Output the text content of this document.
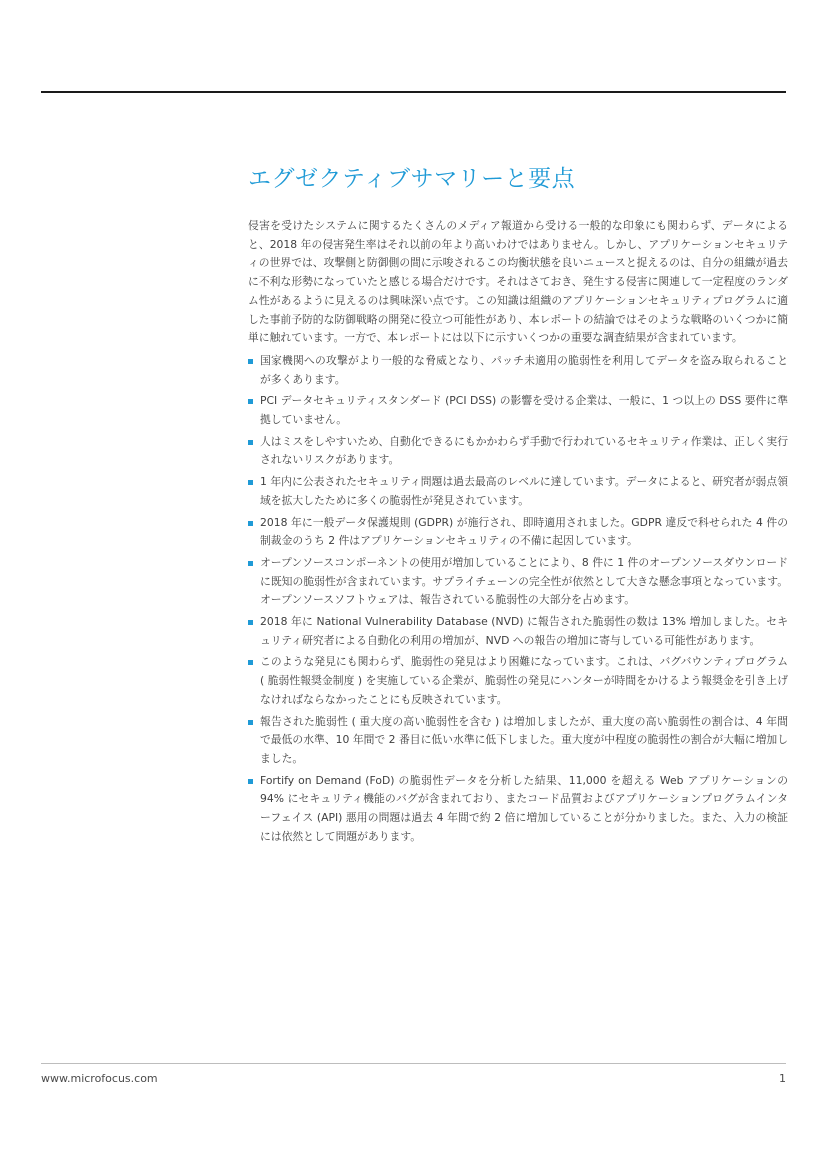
エグゼクティブサマリーと要点

侵害を受けたシステムに関するたくさんのメディア報道から受ける一般的な印象にも関わらず、データによると、2018 年の侵害発生率はそれ以前の年より高いわけではありません。しかし、アプリケーションセキュリティの世界では、攻撃側と防御側の間に示唆されるこの均衡状態を良いニュースと捉えるのは、自分の組織が過去に不利な形勢になっていたと感じる場合だけです。それはさておき、発生する侵害に関連して一定程度のランダム性があるように見えるのは興味深い点です。この知識は組織のアプリケーションセキュリティプログラムに適した事前予防的な防御戦略の開発に役立つ可能性があり、本レポートの結論ではそのような戦略のいくつかに簡単に触れています。一方で、本レポートには以下に示すいくつかの重要な調査結果が含まれています。

国家機関への攻撃がより一般的な脅威となり、パッチ未適用の脆弱性を利用してデータを盗み取られることが多くあります。
PCI データセキュリティスタンダード (PCI DSS) の影響を受ける企業は、一般に、1 つ以上の DSS 要件に準拠していません。
人はミスをしやすいため、自動化できるにもかかわらず手動で行われているセキュリティ作業は、正しく実行されないリスクがあります。
1 年内に公表されたセキュリティ問題は過去最高のレベルに達しています。データによると、研究者が弱点領域を拡大したために多くの脆弱性が発見されています。
2018 年に一般データ保護規則 (GDPR) が施行され、即時適用されました。GDPR 違反で科せられた 4 件の制裁金のうち 2 件はアプリケーションセキュリティの不備に起因しています。
オープンソースコンポーネントの使用が増加していることにより、8 件に 1 件のオープンソースダウンロードに既知の脆弱性が含まれています。サプライチェーンの完全性が依然として大きな懸念事項となっています。オープンソースソフトウェアは、報告されている脆弱性の大部分を占めます。
2018 年に National Vulnerability Database (NVD) に報告された脆弱性の数は 13% 増加しました。セキュリティ研究者による自動化の利用の増加が、NVD への報告の増加に寄与している可能性があります。
このような発見にも関わらず、脆弱性の発見はより困難になっています。これは、バグバウンティプログラム ( 脆弱性報奨金制度 ) を実施している企業が、脆弱性の発見にハンターが時間をかけるよう報奨金を引き上げなければならなかったことにも反映されています。
報告された脆弱性 ( 重大度の高い脆弱性を含む ) は増加しましたが、重大度の高い脆弱性の割合は、4 年間で最低の水準、10 年間で 2 番目に低い水準に低下しました。重大度が中程度の脆弱性の割合が大幅に増加しました。
Fortify on Demand (FoD) の脆弱性データを分析した結果、11,000 を超える Web アプリケーションの 94% にセキュリティ機能のバグが含まれており、またコード品質およびアプリケーションプログラムインターフェイス (API) 悪用の問題は過去 4 年間で約 2 倍に増加していることが分かりました。また、入力の検証には依然として問題があります。
www.microfocus.com	1
